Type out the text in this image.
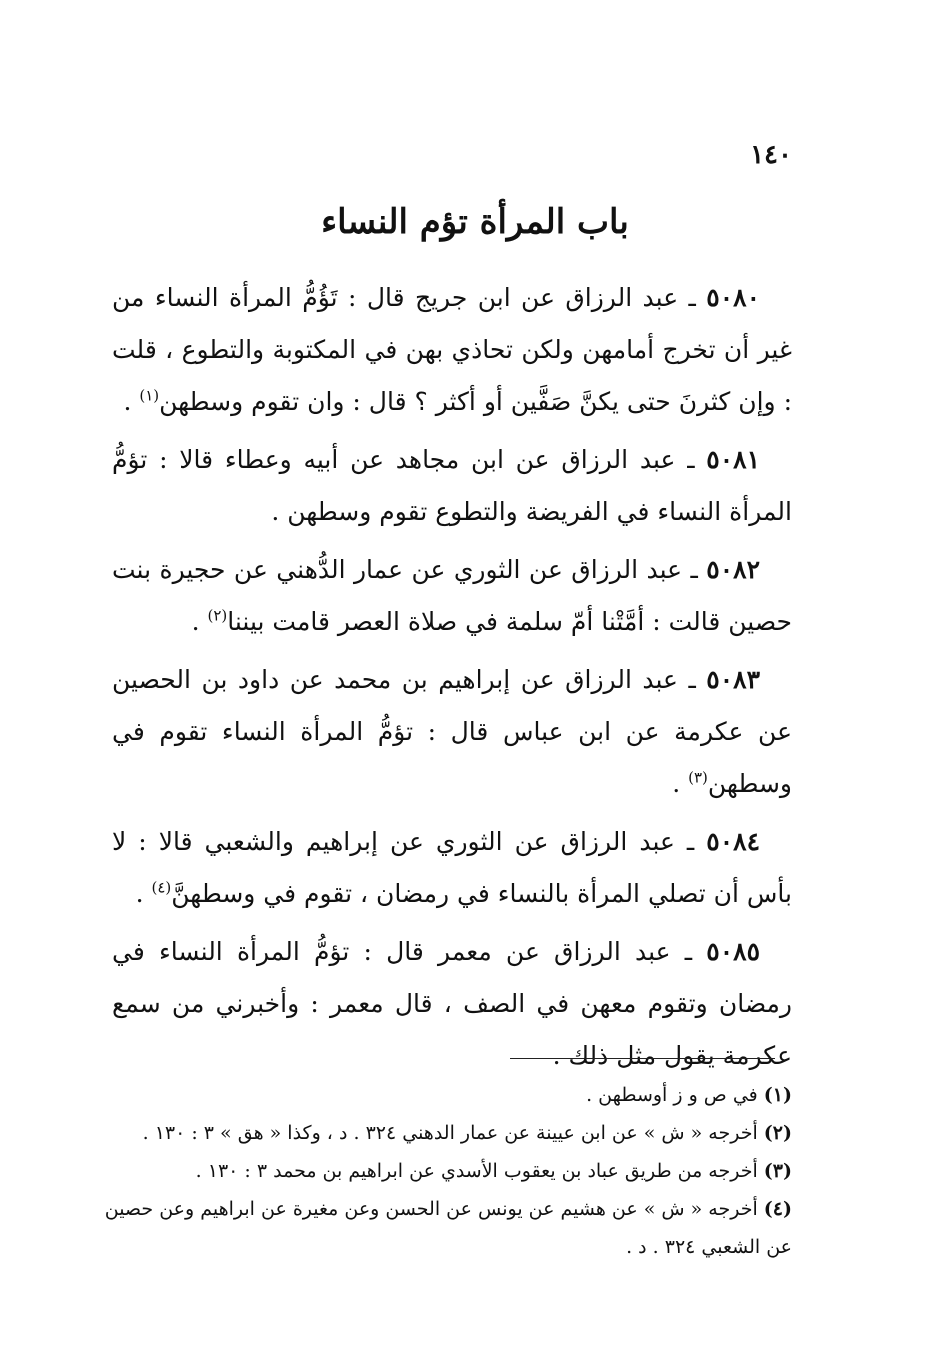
١٤٠
باب المرأة تؤم النساء

٥٠٨٠ ـ عبد الرزاق عن ابن جريج قال : تَؤُمُّ المرأة النساء من غير أن تخرج أمامهن ولكن تحاذي بهن في المكتوبة والتطوع ، قلت : وإن كثرنَ حتى يكنَّ صَفَّين أو أكثر ؟ قال : وان تقوم وسطهن$^{(١)}$ .

٥٠٨١ ـ عبد الرزاق عن ابن مجاهد عن أبيه وعطاء قالا : تؤمُّ المرأة النساء في الفريضة والتطوع تقوم وسطهن .

٥٠٨٢ ـ عبد الرزاق عن الثوري عن عمار الدُّهني عن حجيرة بنت حصين قالت : أمَّتْنا أمّ سلمة في صلاة العصر قامت بيننا$^{(٢)}$ .

٥٠٨٣ ـ عبد الرزاق عن إبراهيم بن محمد عن داود بن الحصين عن عكرمة عن ابن عباس قال : تؤمُّ المرأة النساء تقوم في وسطهن$^{(٣)}$ .

٥٠٨٤ ـ عبد الرزاق عن الثوري عن إبراهيم والشعبي قالا : لا بأس أن تصلي المرأة بالنساء في رمضان ، تقوم في وسطهنَّ$^{(٤)}$ .

٥٠٨٥ ـ عبد الرزاق عن معمر قال : تؤمُّ المرأة النساء في رمضان وتقوم معهن في الصف ، قال معمر : وأخبرني من سمع عكرمة يقول مثل ذلك .

(١) في ص و ز أوسطهن .

(٢) أخرجه « ش » عن ابن عيينة عن عمار الدهني ٣٢٤ . د ، وكذا « هق » ٣ : ١٣٠ .

(٣) أخرجه من طريق عباد بن يعقوب الأسدي عن ابراهيم بن محمد ٣ : ١٣٠ .

(٤) أخرجه « ش » عن هشيم عن يونس عن الحسن وعن مغيرة عن ابراهيم وعن حصين عن الشعبي ٣٢٤ . د .
